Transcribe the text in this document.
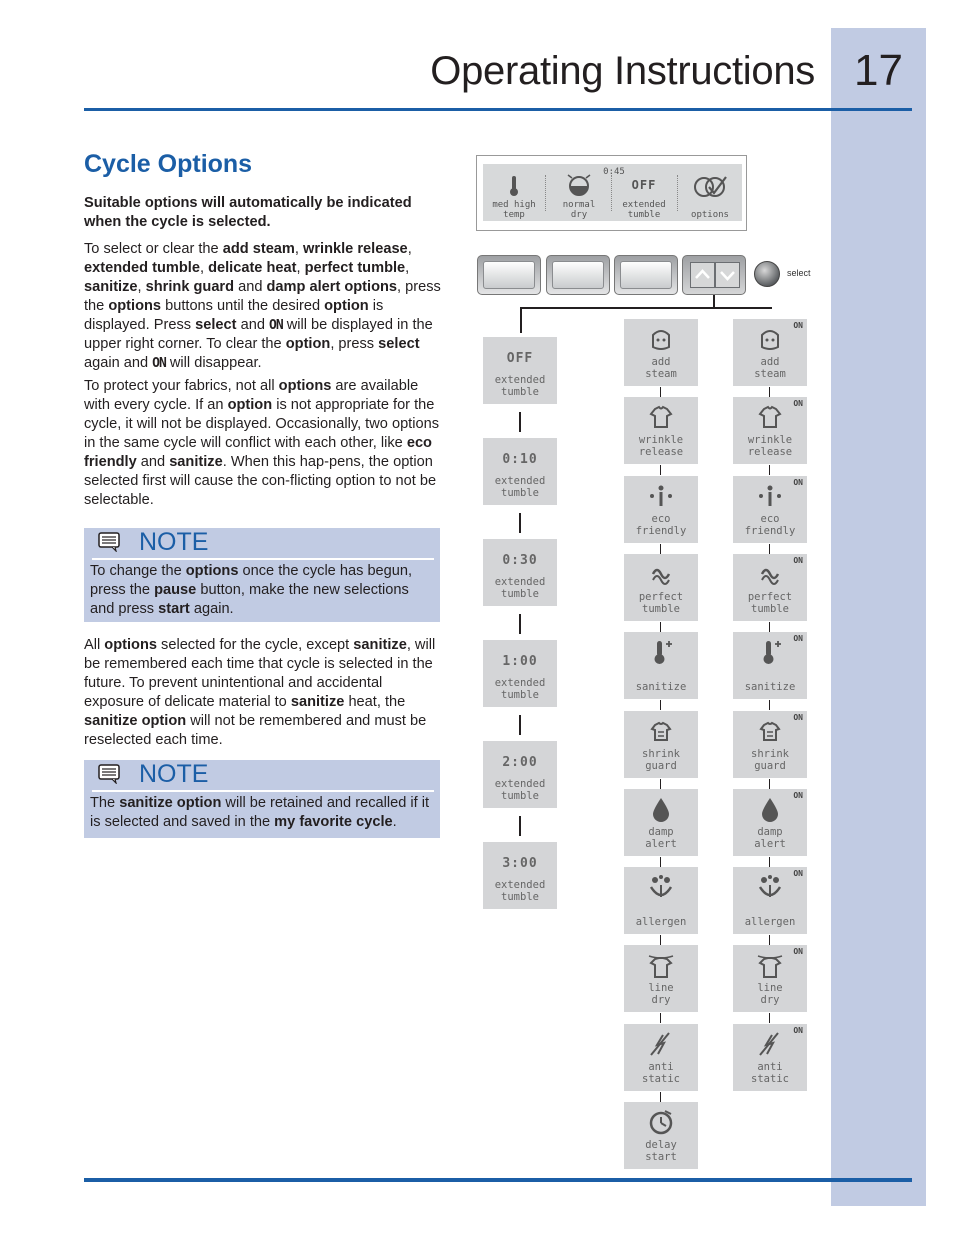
17
Operating Instructions
Cycle Options
Suitable options will automatically be indicated when the cycle is selected.
To select or clear the add steam, wrinkle release, extended tumble, delicate heat, perfect tumble, sanitize, shrink guard and damp alert options, press the options buttons until the desired option is displayed. Press select and ON will be displayed in the upper right corner. To clear the option, press select again and ON will disappear.
To protect your fabrics, not all options are available with every cycle. If an option is not appropriate for the cycle, it will not be displayed. Occasionally, two options in the same cycle will conflict with each other, like eco friendly and sanitize. When this hap-pens, the option selected first will cause the con-flicting option to not be selectable.
NOTE
To change the options once the cycle has begun, press the pause button, make the new selections and press start again.
All options selected for the cycle, except sanitize, will be remembered each time that cycle is selected in the future. To prevent unintentional and accidental exposure of delicate material to sanitize heat, the sanitize option will not be remembered and must be reselected each time.
NOTE
The sanitize option will be retained and recalled if it is selected and saved in the my favorite cycle.
0:45
med high
temp
normal
dry
OFF
extended
tumble	options
select
OFF
extended
tumble
0:10
extended
tumble
0:30
extended
tumble
1:00
extended
tumble
2:00
extended
tumble
3:00
extended
tumble
add
steam
wrinkle
release
eco
friendly
perfect
tumble
sanitize
shrink
guard
damp
alert
allergen
line
dry
anti
static
delay
start
add
steam
ON
wrinkle
release
ON
eco
friendly
ON
perfect
tumble
ON
sanitize
ON
shrink
guard
ON
damp
alert
ON
allergen
ON
line
dry
ON
anti
static
ON
